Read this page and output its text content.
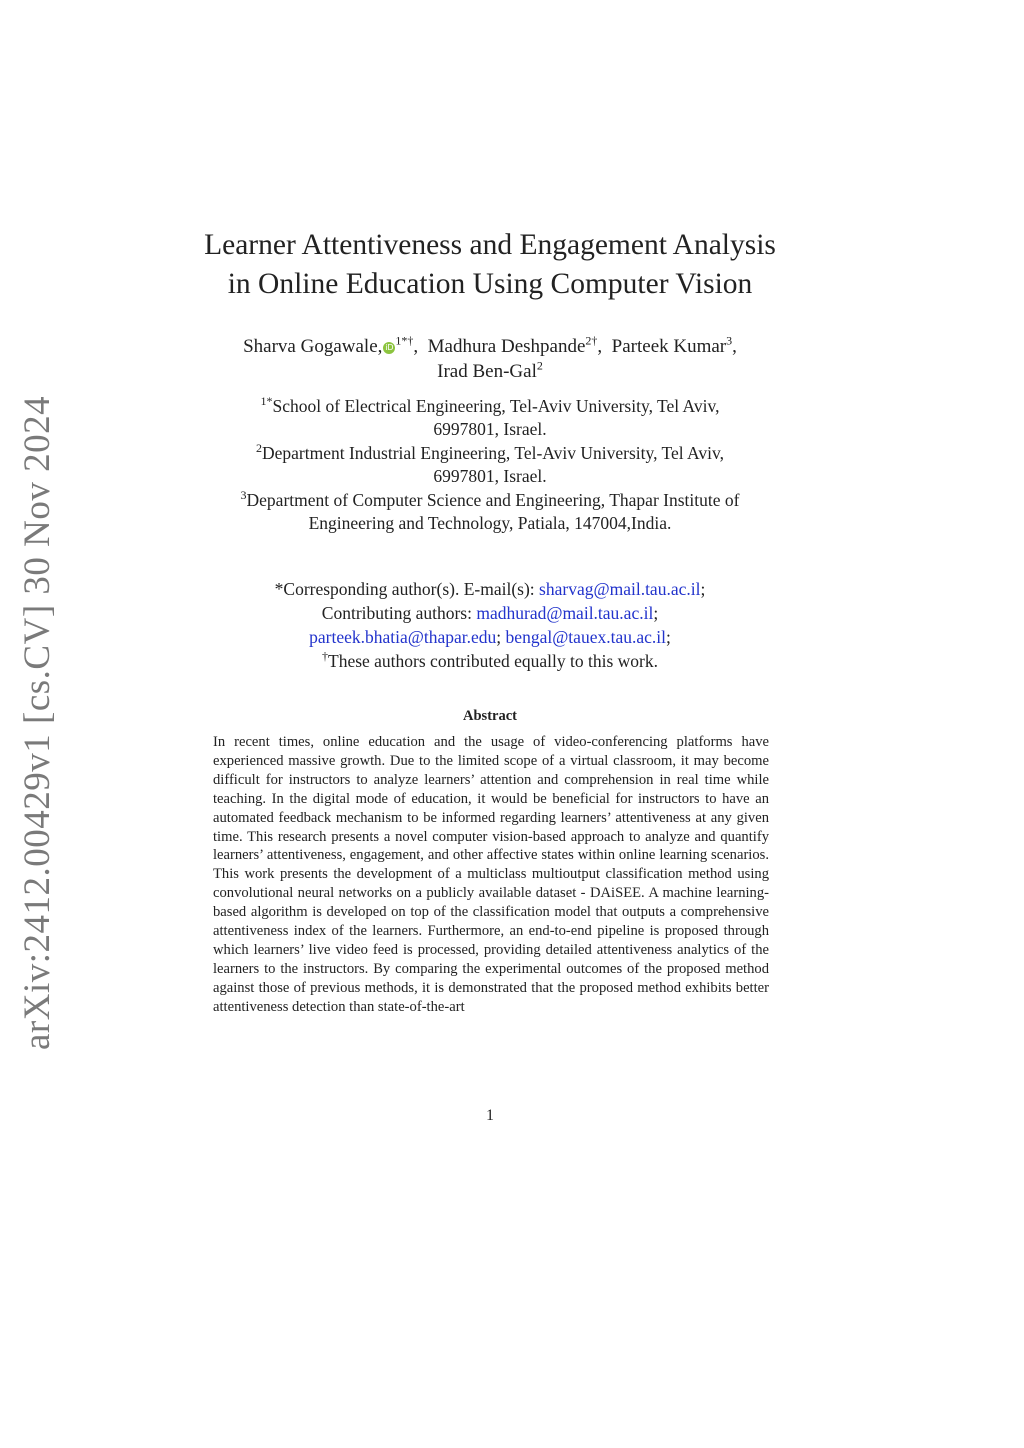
arXiv:2412.00429v1 [cs.CV] 30 Nov 2024
Learner Attentiveness and Engagement Analysis
in Online Education Using Computer Vision
Sharva Gogawale, iD $^{1*\dagger}$,  Madhura Deshpande$^{2\dagger}$,  Parteek Kumar$^3$,
Irad Ben-Gal$^2$

$^{1*}$School of Electrical Engineering, Tel-Aviv University, Tel Aviv,
6997801, Israel.

$^2$Department Industrial Engineering, Tel-Aviv University, Tel Aviv,
6997801, Israel.

$^3$Department of Computer Science and Engineering, Thapar Institute of
Engineering and Technology, Patiala, 147004,India.

*Corresponding author(s). E-mail(s): sharvag@mail.tau.ac.il;
Contributing authors: madhurad@mail.tau.ac.il;
parteek.bhatia@thapar.edu; bengal@tauex.tau.ac.il;
†These authors contributed equally to this work.
Abstract

In recent times, online education and the usage of video-conferencing platforms have experienced massive growth. Due to the limited scope of a virtual classroom, it may become difficult for instructors to analyze learners’ attention and comprehension in real time while teaching. In the digital mode of education, it would be beneficial for instructors to have an automated feedback mechanism to be informed regarding learners’ attentiveness at any given time. This research presents a novel computer vision-based approach to analyze and quantify learners’ attentiveness, engagement, and other affective states within online learning scenarios. This work presents the development of a multiclass multioutput classification method using convolutional neural networks on a publicly available dataset - DAiSEE. A machine learning-based algorithm is developed on top of the classification model that outputs a comprehensive attentiveness index of the learners. Furthermore, an end-to-end pipeline is proposed through which learners’ live video feed is processed, providing detailed attentiveness analytics of the learners to the instructors. By comparing the experimental outcomes of the proposed method against those of previous methods, it is demonstrated that the proposed method exhibits better attentiveness detection than state-of-the-art

1
